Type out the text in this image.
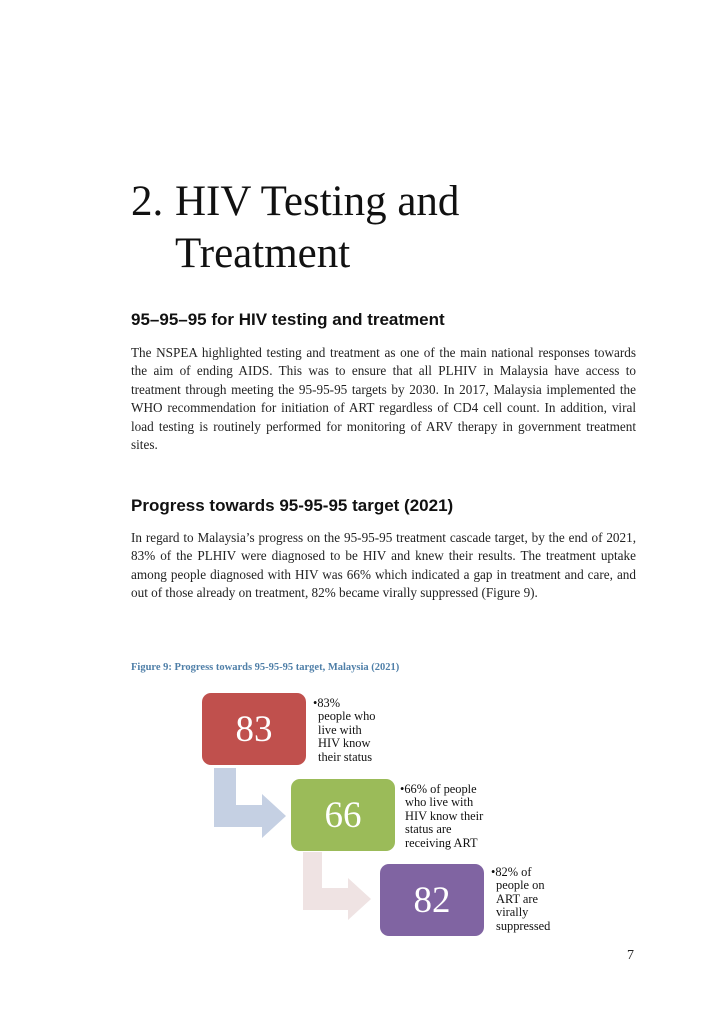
2. HIV Testing and
Treatment
95–95–95 for HIV testing and treatment

The NSPEA highlighted testing and treatment as one of the main national responses towards the aim of ending AIDS. This was to ensure that all PLHIV in Malaysia have access to treatment through meeting the 95-95-95 targets by 2030. In 2017, Malaysia implemented the WHO recommendation for initiation of ART regardless of CD4 cell count. In addition, viral load testing is routinely performed for monitoring of ARV therapy in government treatment sites.

Progress towards 95-95-95 target (2021)

In regard to Malaysia’s progress on the 95-95-95 treatment cascade target, by the end of 2021, 83% of the PLHIV were diagnosed to be HIV and knew their results. The treatment uptake among people diagnosed with HIV was 66% which indicated a gap in treatment and care, and out of those already on treatment, 82% became virally suppressed (Figure 9).

Figure 9: Progress towards 95-95-95 target, Malaysia (2021)
83
•83%
people who
live with
HIV know
their status
66
•66% of people
who live with
HIV know their
status are
receiving ART
82
•82% of
people on
ART are
virally
suppressed
7
